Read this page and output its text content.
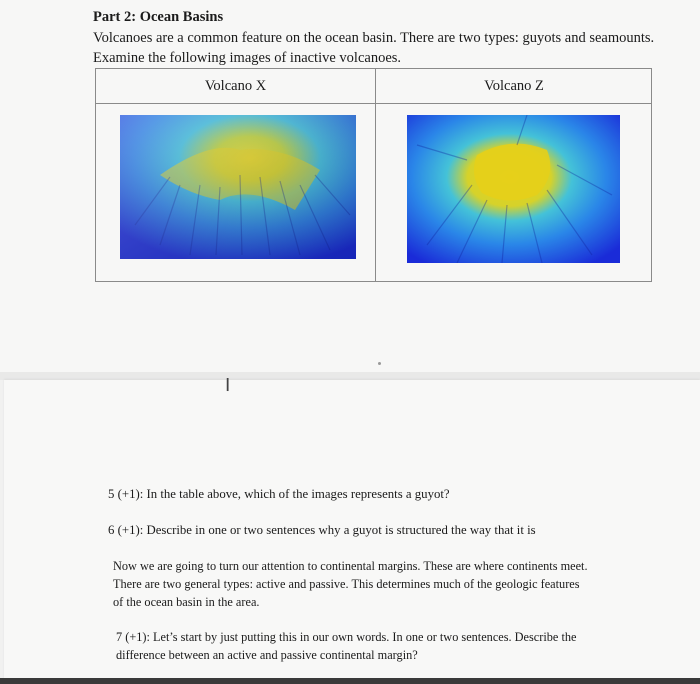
Part 2: Ocean Basins
Volcanoes are a common feature on the ocean basin. There are two types: guyots and seamounts.
Examine the following images of inactive volcanoes.
Volcano X	Volcano Z
Ι
5 (+1): In the table above, which of the images represents a guyot?
6 (+1): Describe in one or two sentences why a guyot is structured the way that it is
Now we are going to turn our attention to continental margins. These are where continents meet.
There are two general types: active and passive. This determines much of the geologic features
of the ocean basin in the area.
7 (+1): Let’s start by just putting this in our own words. In one or two sentences. Describe the
difference between an active and passive continental margin?
